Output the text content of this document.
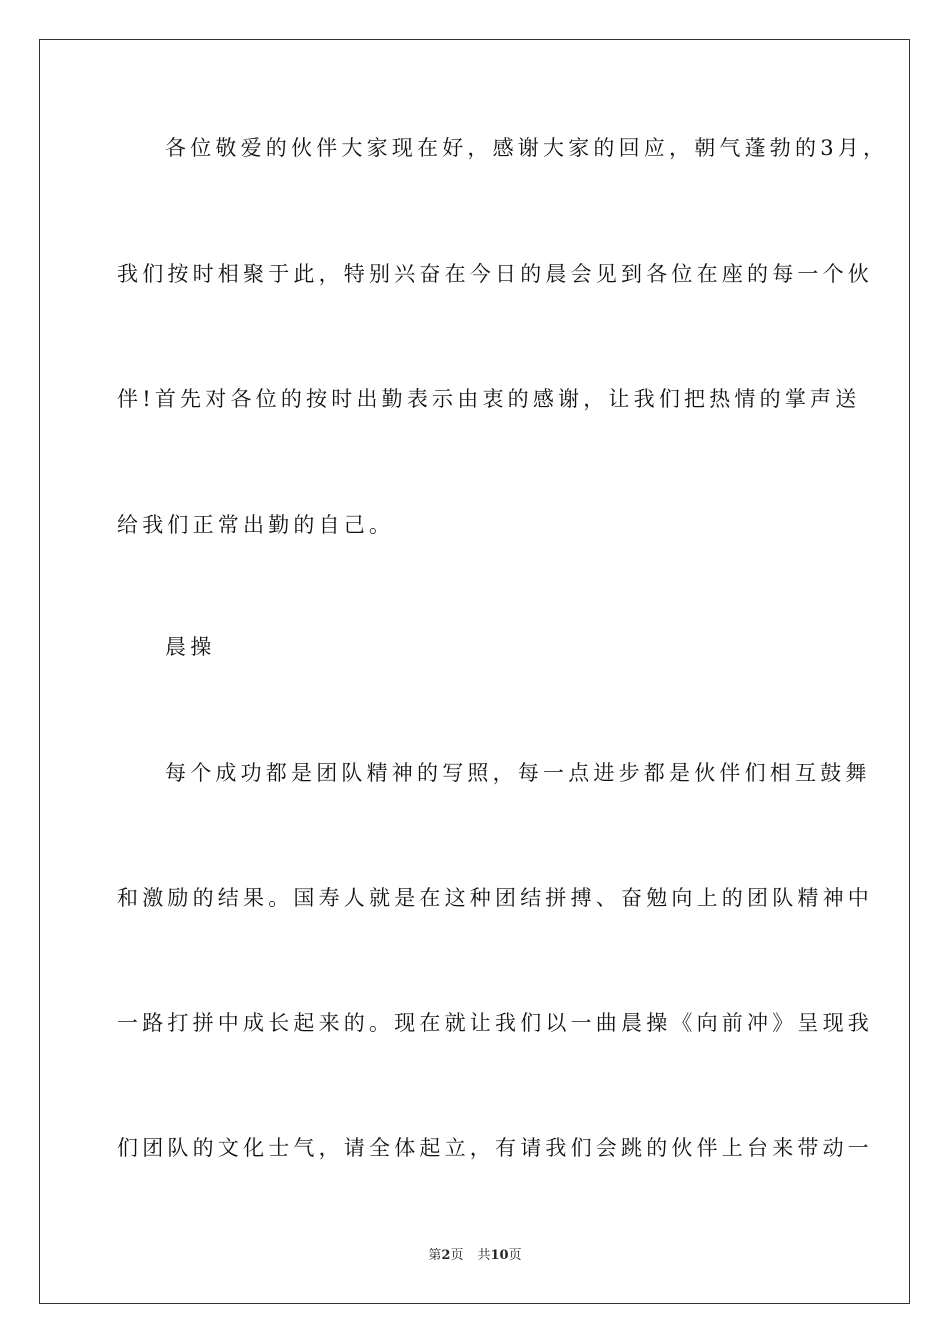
各位敬爱的伙伴大家现在好，感谢大家的回应，朝气蓬勃的3月，
我们按时相聚于此，特别兴奋在今日的晨会见到各位在座的每一个伙
伴!首先对各位的按时出勤表示由衷的感谢，让我们把热情的掌声送
给我们正常出勤的自己。
晨操
每个成功都是团队精神的写照，每一点进步都是伙伴们相互鼓舞
和激励的结果。国寿人就是在这种团结拼搏、奋勉向上的团队精神中
一路打拼中成长起来的。现在就让我们以一曲晨操《向前冲》呈现我
们团队的文化士气，请全体起立，有请我们会跳的伙伴上台来带动一
第2页 共10页
